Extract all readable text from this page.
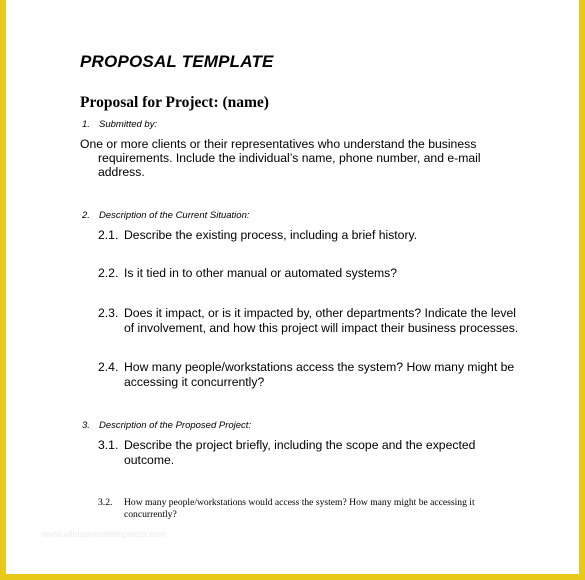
PROPOSAL TEMPLATE
Proposal for Project: (name)
1. Submitted by:
One or more clients or their representatives who understand the business
requirements. Include the individual’s name, phone number, and e-mail
address.
2. Description of the Current Situation:
2.1. Describe the existing process, including a brief history.
2.2. Is it tied in to other manual or automated systems?
2.3. Does it impact, or is it impacted by, other departments? Indicate the level
of involvement, and how this project will impact their business processes.
2.4. How many people/workstations access the system? How many might be
accessing it concurrently?
3. Description of the Proposed Project:
3.1. Describe the project briefly, including the scope and the expected
outcome.
3.2. How many people/workstations would access the system? How many might be accessing it
concurrently?
www.allbusinesstemplates.com
